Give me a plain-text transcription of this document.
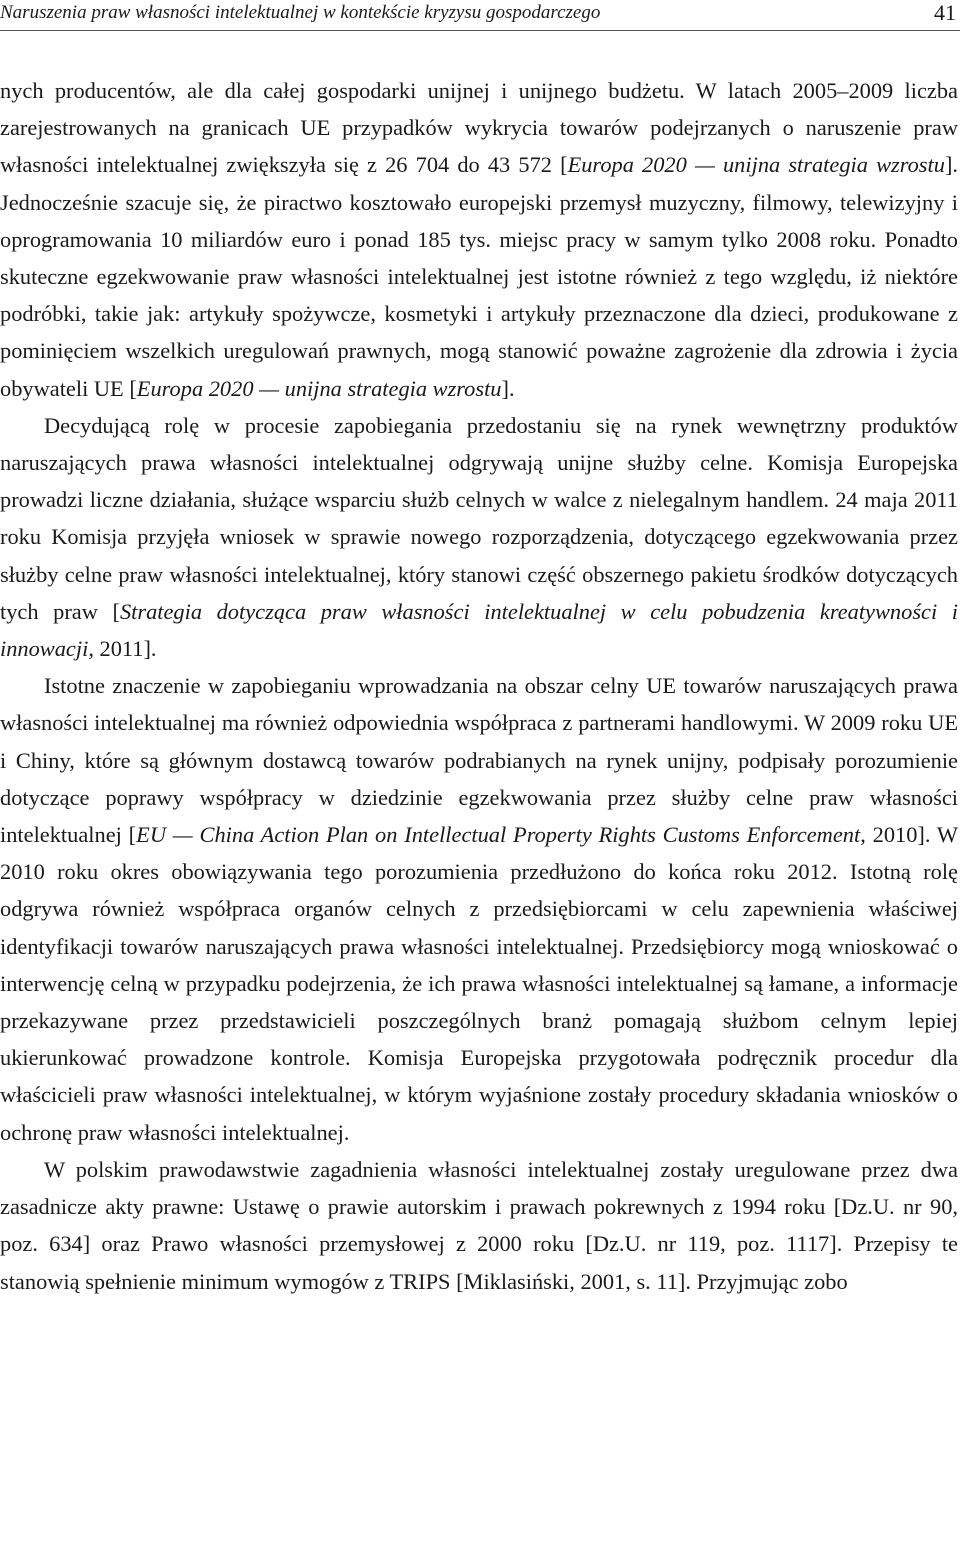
Naruszenia praw własności intelektualnej w kontekście kryzysu gospodarczego	41

nych producentów, ale dla całej gospodarki unijnej i unijnego budżetu. W latach 2005–2009 liczba zarejestrowanych na granicach UE przypadków wykrycia towarów podejrzanych o naruszenie praw własności intelektualnej zwiększyła się z 26 704 do 43 572 [Europa 2020 — unijna strategia wzrostu]. Jednocześnie szacuje się, że piractwo kosztowało europejski przemysł muzyczny, filmowy, telewizyjny i oprogramowania 10 miliardów euro i ponad 185 tys. miejsc pracy w samym tylko 2008 roku. Ponadto skuteczne egzekwowanie praw własności intelektualnej jest istotne również z tego względu, iż niektóre podróbki, takie jak: artykuły spożywcze, kosmetyki i artykuły przeznaczone dla dzieci, produkowane z pominięciem wszelkich uregulowań prawnych, mogą stanowić poważne zagrożenie dla zdrowia i życia obywateli UE [Europa 2020 — unijna strategia wzrostu].

Decydującą rolę w procesie zapobiegania przedostaniu się na rynek wewnętrzny produktów naruszających prawa własności intelektualnej odgrywają unijne służby celne. Komisja Europejska prowadzi liczne działania, służące wsparciu służb celnych w walce z nielegalnym handlem. 24 maja 2011 roku Komisja przyjęła wniosek w sprawie nowego rozporządzenia, dotyczącego egzekwowania przez służby celne praw własności intelektualnej, który stanowi część obszernego pakietu środków dotyczących tych praw [Strategia dotycząca praw własności intelektualnej w celu pobudzenia kreatywności i innowacji, 2011].

Istotne znaczenie w zapobieganiu wprowadzania na obszar celny UE towarów naruszających prawa własności intelektualnej ma również odpowiednia współpraca z partnerami handlowymi. W 2009 roku UE i Chiny, które są głównym dostawcą towarów podrabianych na rynek unijny, podpisały porozumienie dotyczące poprawy współpracy w dziedzinie egzekwowania przez służby celne praw własności intelektualnej [EU — China Action Plan on Intellectual Property Rights Customs Enforcement, 2010]. W 2010 roku okres obowiązywania tego porozumienia przedłużono do końca roku 2012. Istotną rolę odgrywa również współpraca organów celnych z przedsiębiorcami w celu zapewnienia właściwej identyfikacji towarów naruszających prawa własności intelektualnej. Przedsiębiorcy mogą wnioskować o interwencję celną w przypadku podejrzenia, że ich prawa własności intelektualnej są łamane, a informacje przekazywane przez przedstawicieli poszczególnych branż pomagają służbom celnym lepiej ukierunkować prowadzone kontrole. Komisja Europejska przygotowała podręcznik procedur dla właścicieli praw własności intelektualnej, w którym wyjaśnione zostały procedury składania wniosków o ochronę praw własności intelektualnej.

W polskim prawodawstwie zagadnienia własności intelektualnej zostały uregulowane przez dwa zasadnicze akty prawne: Ustawę o prawie autorskim i prawach pokrewnych z 1994 roku [Dz.U. nr 90, poz. 634] oraz Prawo własności przemysłowej z 2000 roku [Dz.U. nr 119, poz. 1117]. Przepisy te stanowią spełnienie minimum wymogów z TRIPS [Miklasiński, 2001, s. 11]. Przyjmując zobo
